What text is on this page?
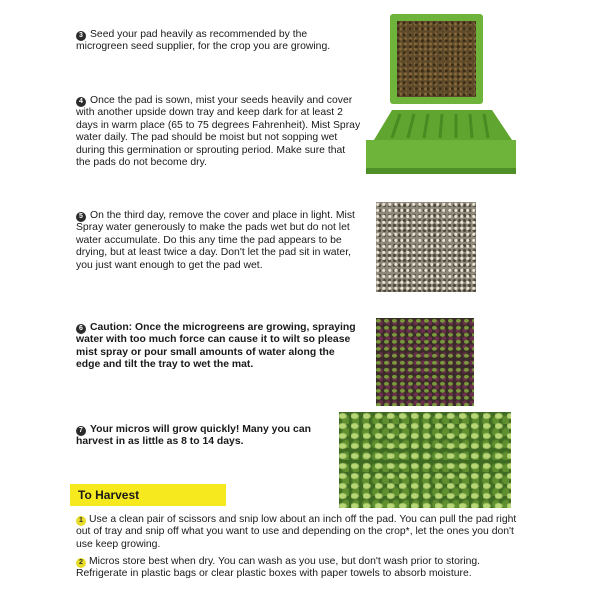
3 Seed your pad heavily as recommended by the microgreen seed supplier, for the crop you are growing.

4 Once the pad is sown, mist your seeds heavily and cover with another upside down tray and keep dark for at least 2 days in warm place (65 to 75 degrees Fahrenheit). Mist Spray water daily. The pad should be moist but not sopping wet during this germination or sprouting period. Make sure that the pads do not become dry.

5 On the third day, remove the cover and place in light. Mist Spray water generously to make the pads wet but do not let water accumulate. Do this any time the pad appears to be drying, but at least twice a day. Don't let the pad sit in water, you just want enough to get the pad wet.

6 Caution: Once the microgreens are growing, spraying water with too much force can cause it to wilt so please mist spray or pour small amounts of water along the edge and tilt the tray to wet the mat.

7 Your micros will grow quickly! Many you can harvest in as little as 8 to 14 days.

To Harvest
1 Use a clean pair of scissors and snip low about an inch off the pad. You can pull the pad right out of tray and snip off what you want to use and depending on the crop*, let the ones you don't use keep growing.
2 Micros store best when dry. You can wash as you use, but don't wash prior to storing. Refrigerate in plastic bags or clear plastic boxes with paper towels to absorb moisture.
